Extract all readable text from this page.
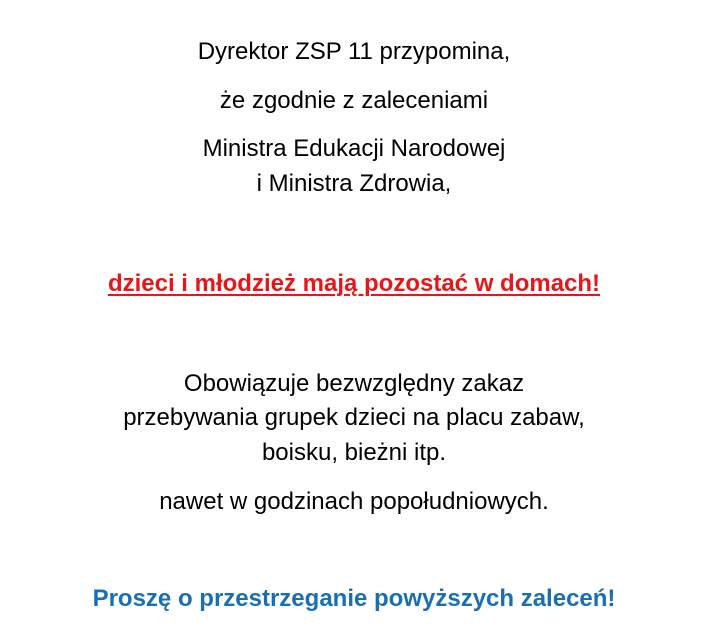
Dyrektor ZSP 11 przypomina,
że zgodnie z zaleceniami
Ministra Edukacji Narodowej
i Ministra Zdrowia,
dzieci i młodzież mają pozostać w domach!
Obowiązuje bezwzględny zakaz
przebywania grupek dzieci na placu zabaw,
boisku, bieżni itp.
nawet w godzinach popołudniowych.
Proszę o przestrzeganie powyższych zaleceń!
